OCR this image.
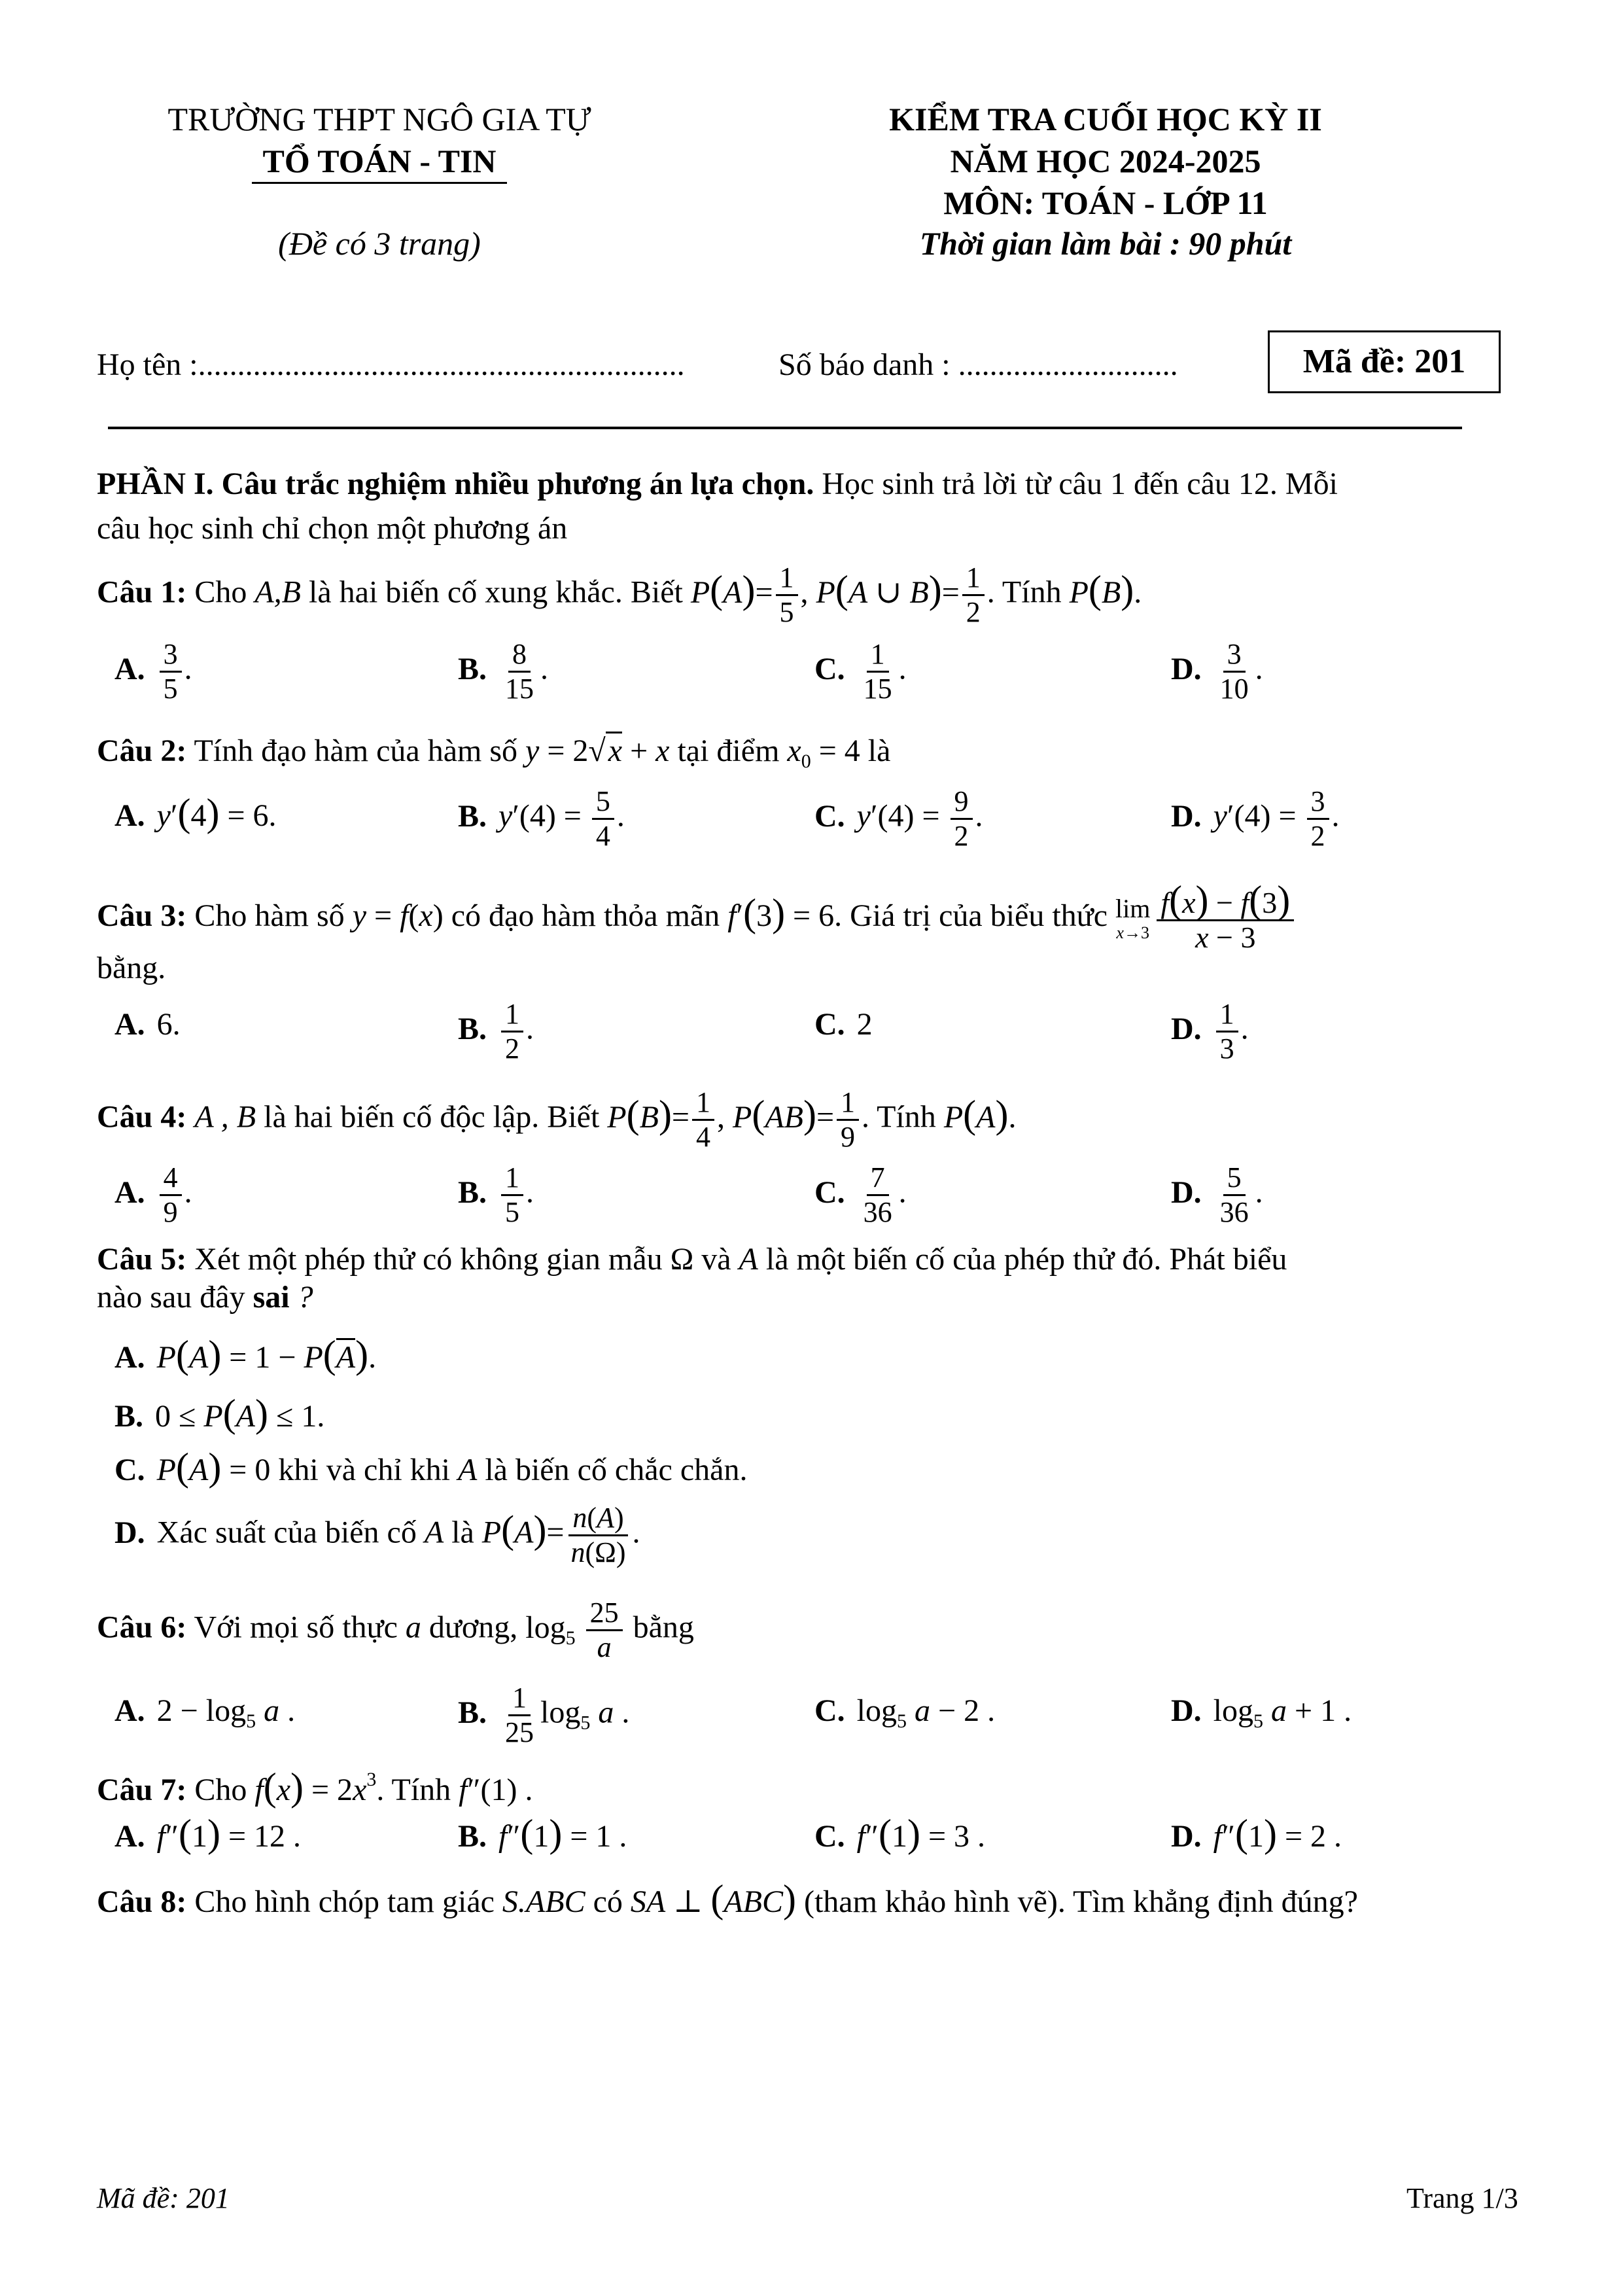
TRƯỜNG THPT NGÔ GIA TỰ
TỔ TOÁN - TIN
(Đề có 3 trang)
KIỂM TRA CUỐI HỌC KỲ II
NĂM HỌC 2024-2025
MÔN: TOÁN - LỚP 11
Thời gian làm bài : 90 phút
Họ tên :..............................................................	Số báo danh : ............................	Mã đề: 201
PHẦN I. Câu trắc nghiệm nhiều phương án lựa chọn. Học sinh trả lời từ câu 1 đến câu 12. Mỗi
câu học sinh chỉ chọn một phương án
Câu 1: Cho A,B là hai biến cố xung khắc. Biết $P(A)= \frac{1}{5}$ , P(A ∪ $B)= \frac{1}{2}$ . Tính P(B).
A. $\frac{3}{5}$ .	B. $\frac{8}{15}$ .	C. $\frac{1}{15}$ .	D. $\frac{3}{10}$ .
Câu 2: Tính đạo hàm của hàm số y = 2√x + x tại điểm $x_0 = 4$ là
A. y′(4) = 6.	B. $y'(4) = \frac{5}{4}$ .	C. $y'(4) = \frac{9}{2}$ .	D. $y'(4) = \frac{3}{2}$ .
Câu 3: Cho hàm số y = f(x) có đạo hàm thỏa mãn f′(3) = 6. Giá trị của biểu thức lim
$x\to 3 \frac{f(x) - f(3)}{x - 3}$
bằng.
A. 6.	B. $\frac{1}{2}$ .	C. 2	D. $\frac{1}{3}$ .
Câu 4: A , B là hai biến cố độc lập. Biết $P(B)= \frac{1}{4}$ , $P(AB)= \frac{1}{9}$ . Tính P(A).
A. $\frac{4}{9}$ .	B. $\frac{1}{5}$ .	C. $\frac{7}{36}$ .	D. $\frac{5}{36}$ .
Câu 5: Xét một phép thử có không gian mẫu Ω và A là một biến cố của phép thử đó. Phát biểu
nào sau đây sai ?
A. P(A) = 1 − P(A).
B. 0 ≤ P(A) ≤ 1.
C. P(A) = 0 khi và chỉ khi A là biến cố chắc chắn.
D. Xác suất của biến cố A là $P(A)= \frac{n(A)}{n(\Omega)}$ .
Câu 6: Với mọi số thực a dương, $\log_5 \frac{25}{a}$ bằng
A. $2 - \log_5 a$ .	B. $\frac{1}{25} \log_5 a$ .	C. $\log_5 a - 2$ .	D. $\log_5 a + 1$ .
Câu 7: Cho $f(x) = 2x^3$. Tính f″(1) .
A. f″(1) = 12 .	B. f″(1) = 1 .	C. f″(1) = 3 .	D. f″(1) = 2 .
Câu 8: Cho hình chóp tam giác S.ABC có SA ⊥ (ABC) (tham khảo hình vẽ). Tìm khẳng định đúng?
Mã đề: 201	Trang 1/3
